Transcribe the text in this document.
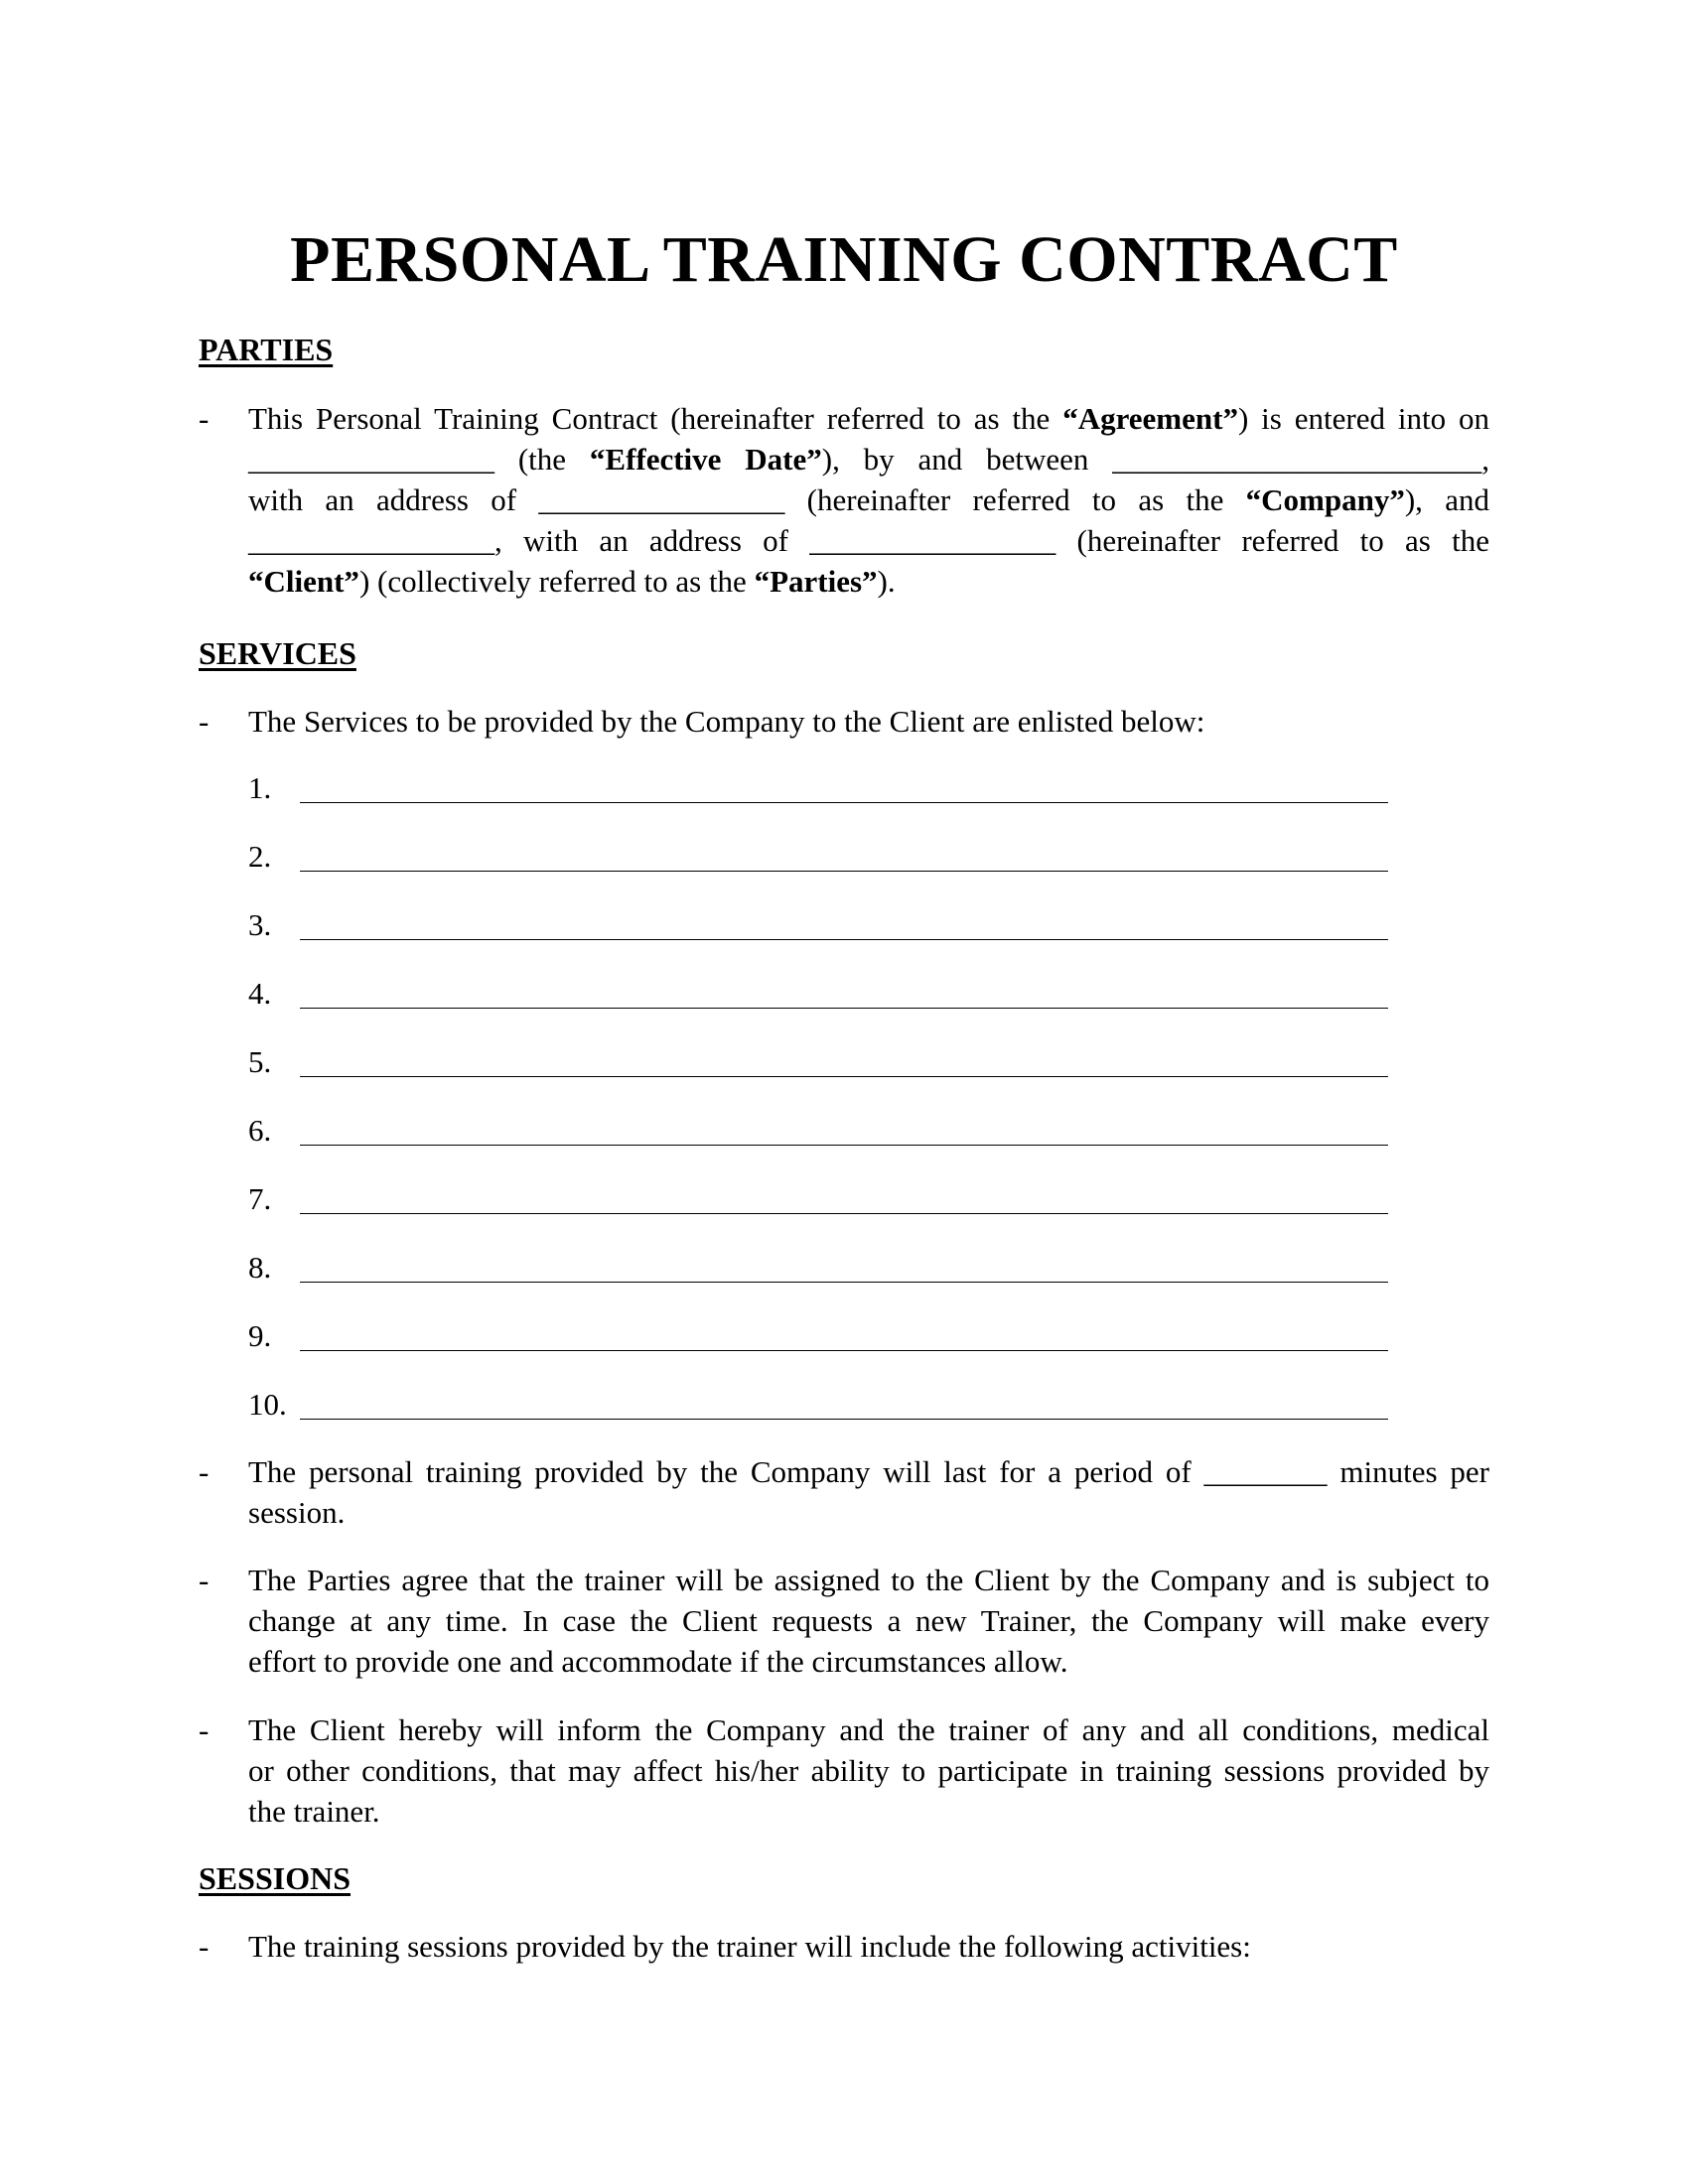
PERSONAL TRAINING CONTRACT
PARTIES
- This Personal Training Contract (hereinafter referred to as the “Agreement”) is entered into on
________________ (the “Effective Date”), by and between ________________________,
with an address of ________________ (hereinafter referred to as the “Company”), and
________________, with an address of ________________ (hereinafter referred to as the
“Client”) (collectively referred to as the “Parties”).
SERVICES
- The Services to be provided by the Company to the Client are enlisted below:
1.
2.
3.
4.
5.
6.
7.
8.
9.
10.
- The personal training provided by the Company will last for a period of ________ minutes per
session.
- The Parties agree that the trainer will be assigned to the Client by the Company and is subject to
change at any time. In case the Client requests a new Trainer, the Company will make every
effort to provide one and accommodate if the circumstances allow.
- The Client hereby will inform the Company and the trainer of any and all conditions, medical
or other conditions, that may affect his/her ability to participate in training sessions provided by
the trainer.
SESSIONS
- The training sessions provided by the trainer will include the following activities:
